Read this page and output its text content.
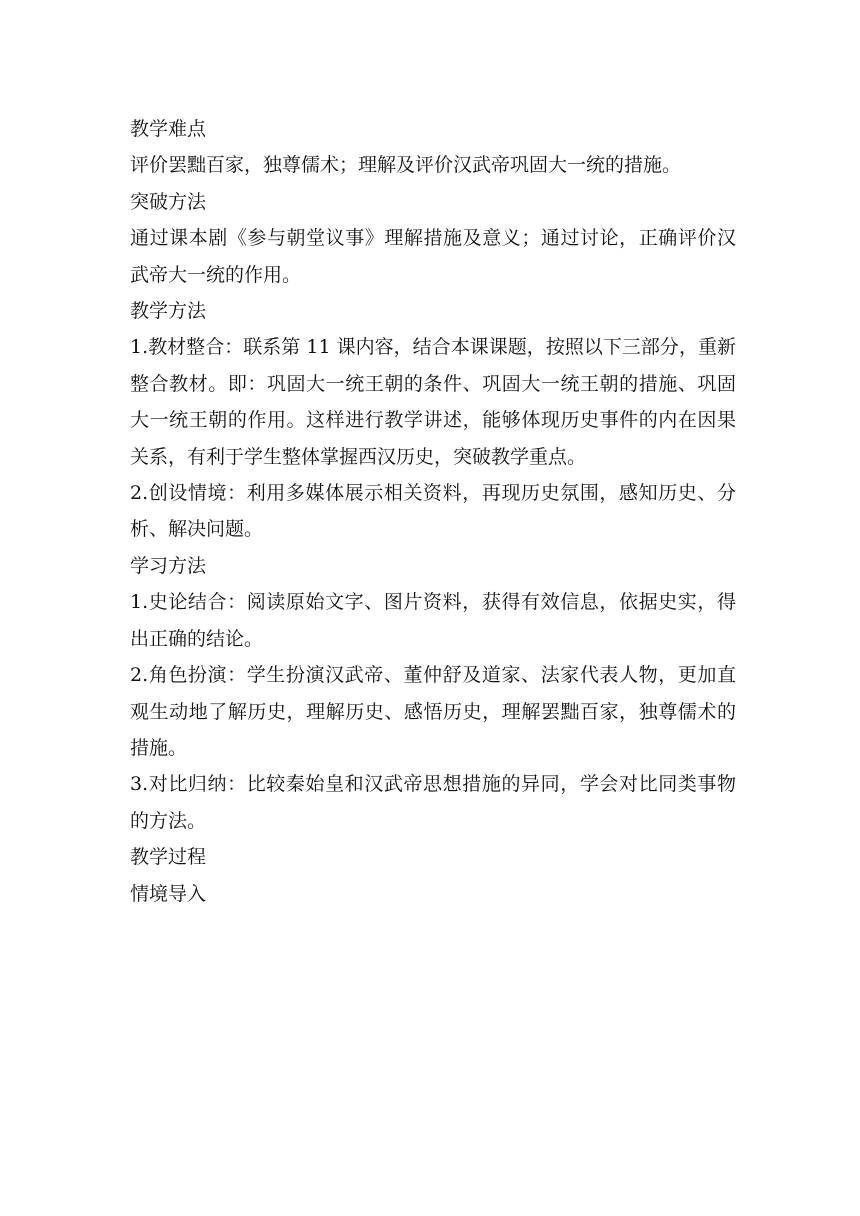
教学难点

评价罢黜百家，独尊儒术；理解及评价汉武帝巩固大一统的措施。

突破方法

通过课本剧《参与朝堂议事》理解措施及意义；通过讨论，正确评价汉武帝大一统的作用。

教学方法

1.教材整合：联系第 11 课内容，结合本课课题，按照以下三部分，重新整合教材。即：巩固大一统王朝的条件、巩固大一统王朝的措施、巩固大一统王朝的作用。这样进行教学讲述，能够体现历史事件的内在因果关系，有利于学生整体掌握西汉历史，突破教学重点。

2.创设情境：利用多媒体展示相关资料，再现历史氛围，感知历史、分析、解决问题。

学习方法

1.史论结合：阅读原始文字、图片资料，获得有效信息，依据史实，得出正确的结论。

2.角色扮演：学生扮演汉武帝、董仲舒及道家、法家代表人物，更加直观生动地了解历史，理解历史、感悟历史，理解罢黜百家，独尊儒术的措施。

3.对比归纳：比较秦始皇和汉武帝思想措施的异同，学会对比同类事物的方法。

教学过程

情境导入
